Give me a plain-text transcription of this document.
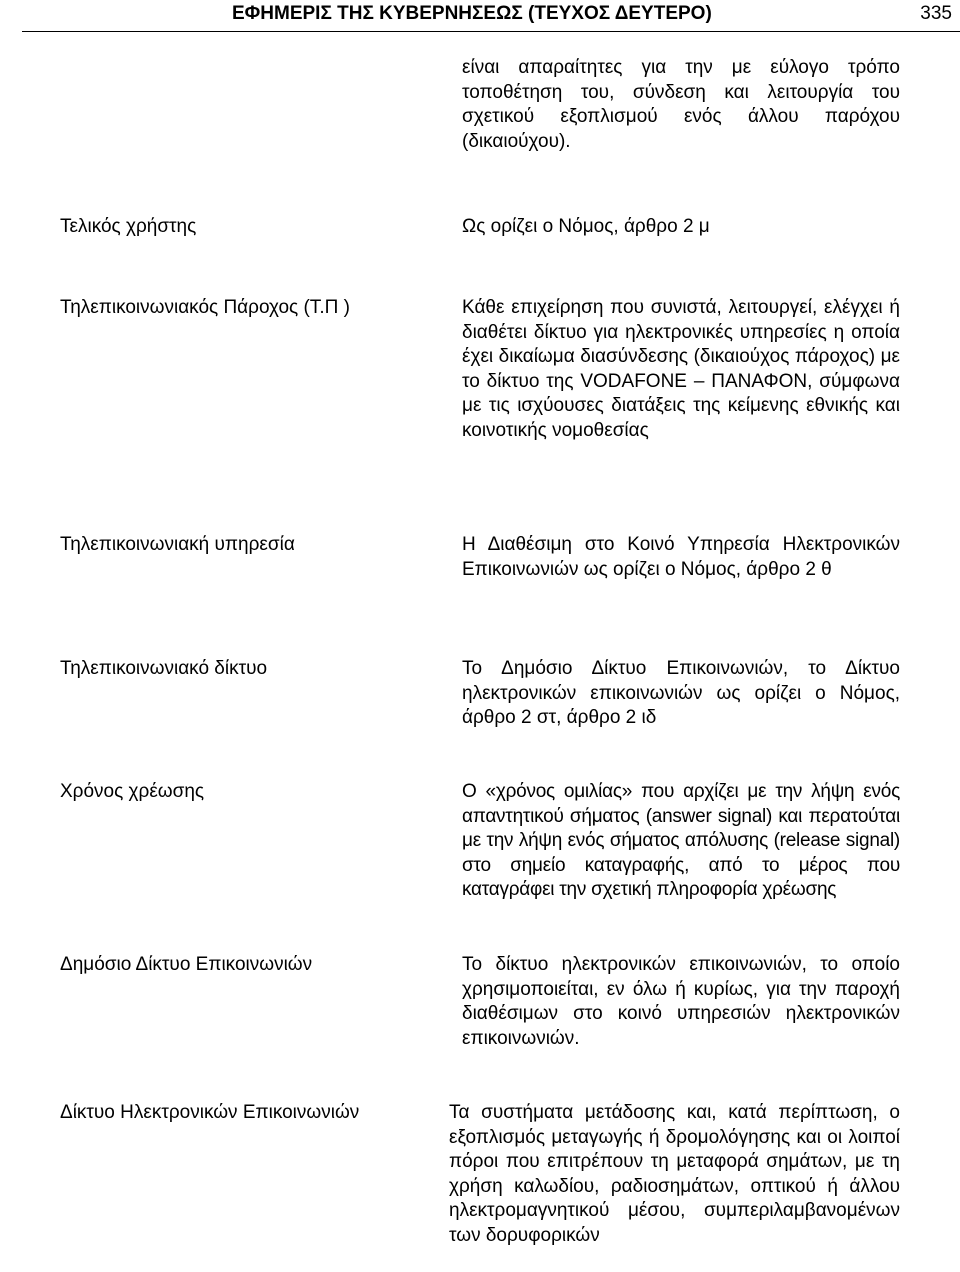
ΕΦΗΜΕΡΙΣ ΤΗΣ ΚΥΒΕΡΝΗΣΕΩΣ (ΤΕΥΧΟΣ ΔΕΥΤΕΡΟ)	335
είναι απαραίτητες για την με εύλογο τρόπο τοποθέτηση του, σύνδεση και λειτουργία του σχετικού εξοπλισμού ενός άλλου παρόχου (δικαιούχου).
Τελικός χρήστης	Ως ορίζει ο Νόμος, άρθρο 2 μ
Τηλεπικοινωνιακός Πάροχος (Τ.Π )	Κάθε επιχείρηση που συνιστά, λειτουργεί, ελέγχει ή διαθέτει δίκτυο για ηλεκτρονικές υπηρεσίες η οποία έχει δικαίωμα διασύνδεσης (δικαιούχος πάροχος) με το δίκτυο της VODAFONE – ΠΑΝΑΦΟΝ, σύμφωνα με τις ισχύουσες διατάξεις της κείμενης εθνικής και κοινοτικής νομοθεσίας
Τηλεπικοινωνιακή υπηρεσία	Η Διαθέσιμη στο Κοινό Υπηρεσία Ηλεκτρονικών Επικοινωνιών ως ορίζει ο Νόμος, άρθρο 2 θ
Τηλεπικοινωνιακό δίκτυο	Το Δημόσιο Δίκτυο Επικοινωνιών, το Δίκτυο ηλεκτρονικών επικοινωνιών ως ορίζει ο Νόμος, άρθρο 2 στ, άρθρο 2 ιδ
Χρόνος χρέωσης	Ο «χρόνος ομιλίας» που αρχίζει με την λήψη ενός απαντητικού σήματος (answer signal) και περατούται με την λήψη ενός σήματος απόλυσης (release signal) στο σημείο καταγραφής, από το μέρος που καταγράφει την σχετική πληροφορία χρέωσης
Δημόσιο Δίκτυο Επικοινωνιών	Το δίκτυο ηλεκτρονικών επικοινωνιών, το οποίο χρησιμοποιείται, εν όλω ή κυρίως, για την παροχή διαθέσιμων στο κοινό υπηρεσιών ηλεκτρονικών επικοινωνιών.
Δίκτυο Ηλεκτρονικών Επικοινωνιών	Τα συστήματα μετάδοσης και, κατά περίπτωση, ο εξοπλισμός μεταγωγής ή δρομολόγησης και οι λοιποί πόροι που επιτρέπουν τη μεταφορά σημάτων, με τη χρήση καλωδίου, ραδιοσημάτων, οπτικού ή άλλου ηλεκτρομαγνητικού μέσου, συμπεριλαμβανομένων των δορυφορικών
